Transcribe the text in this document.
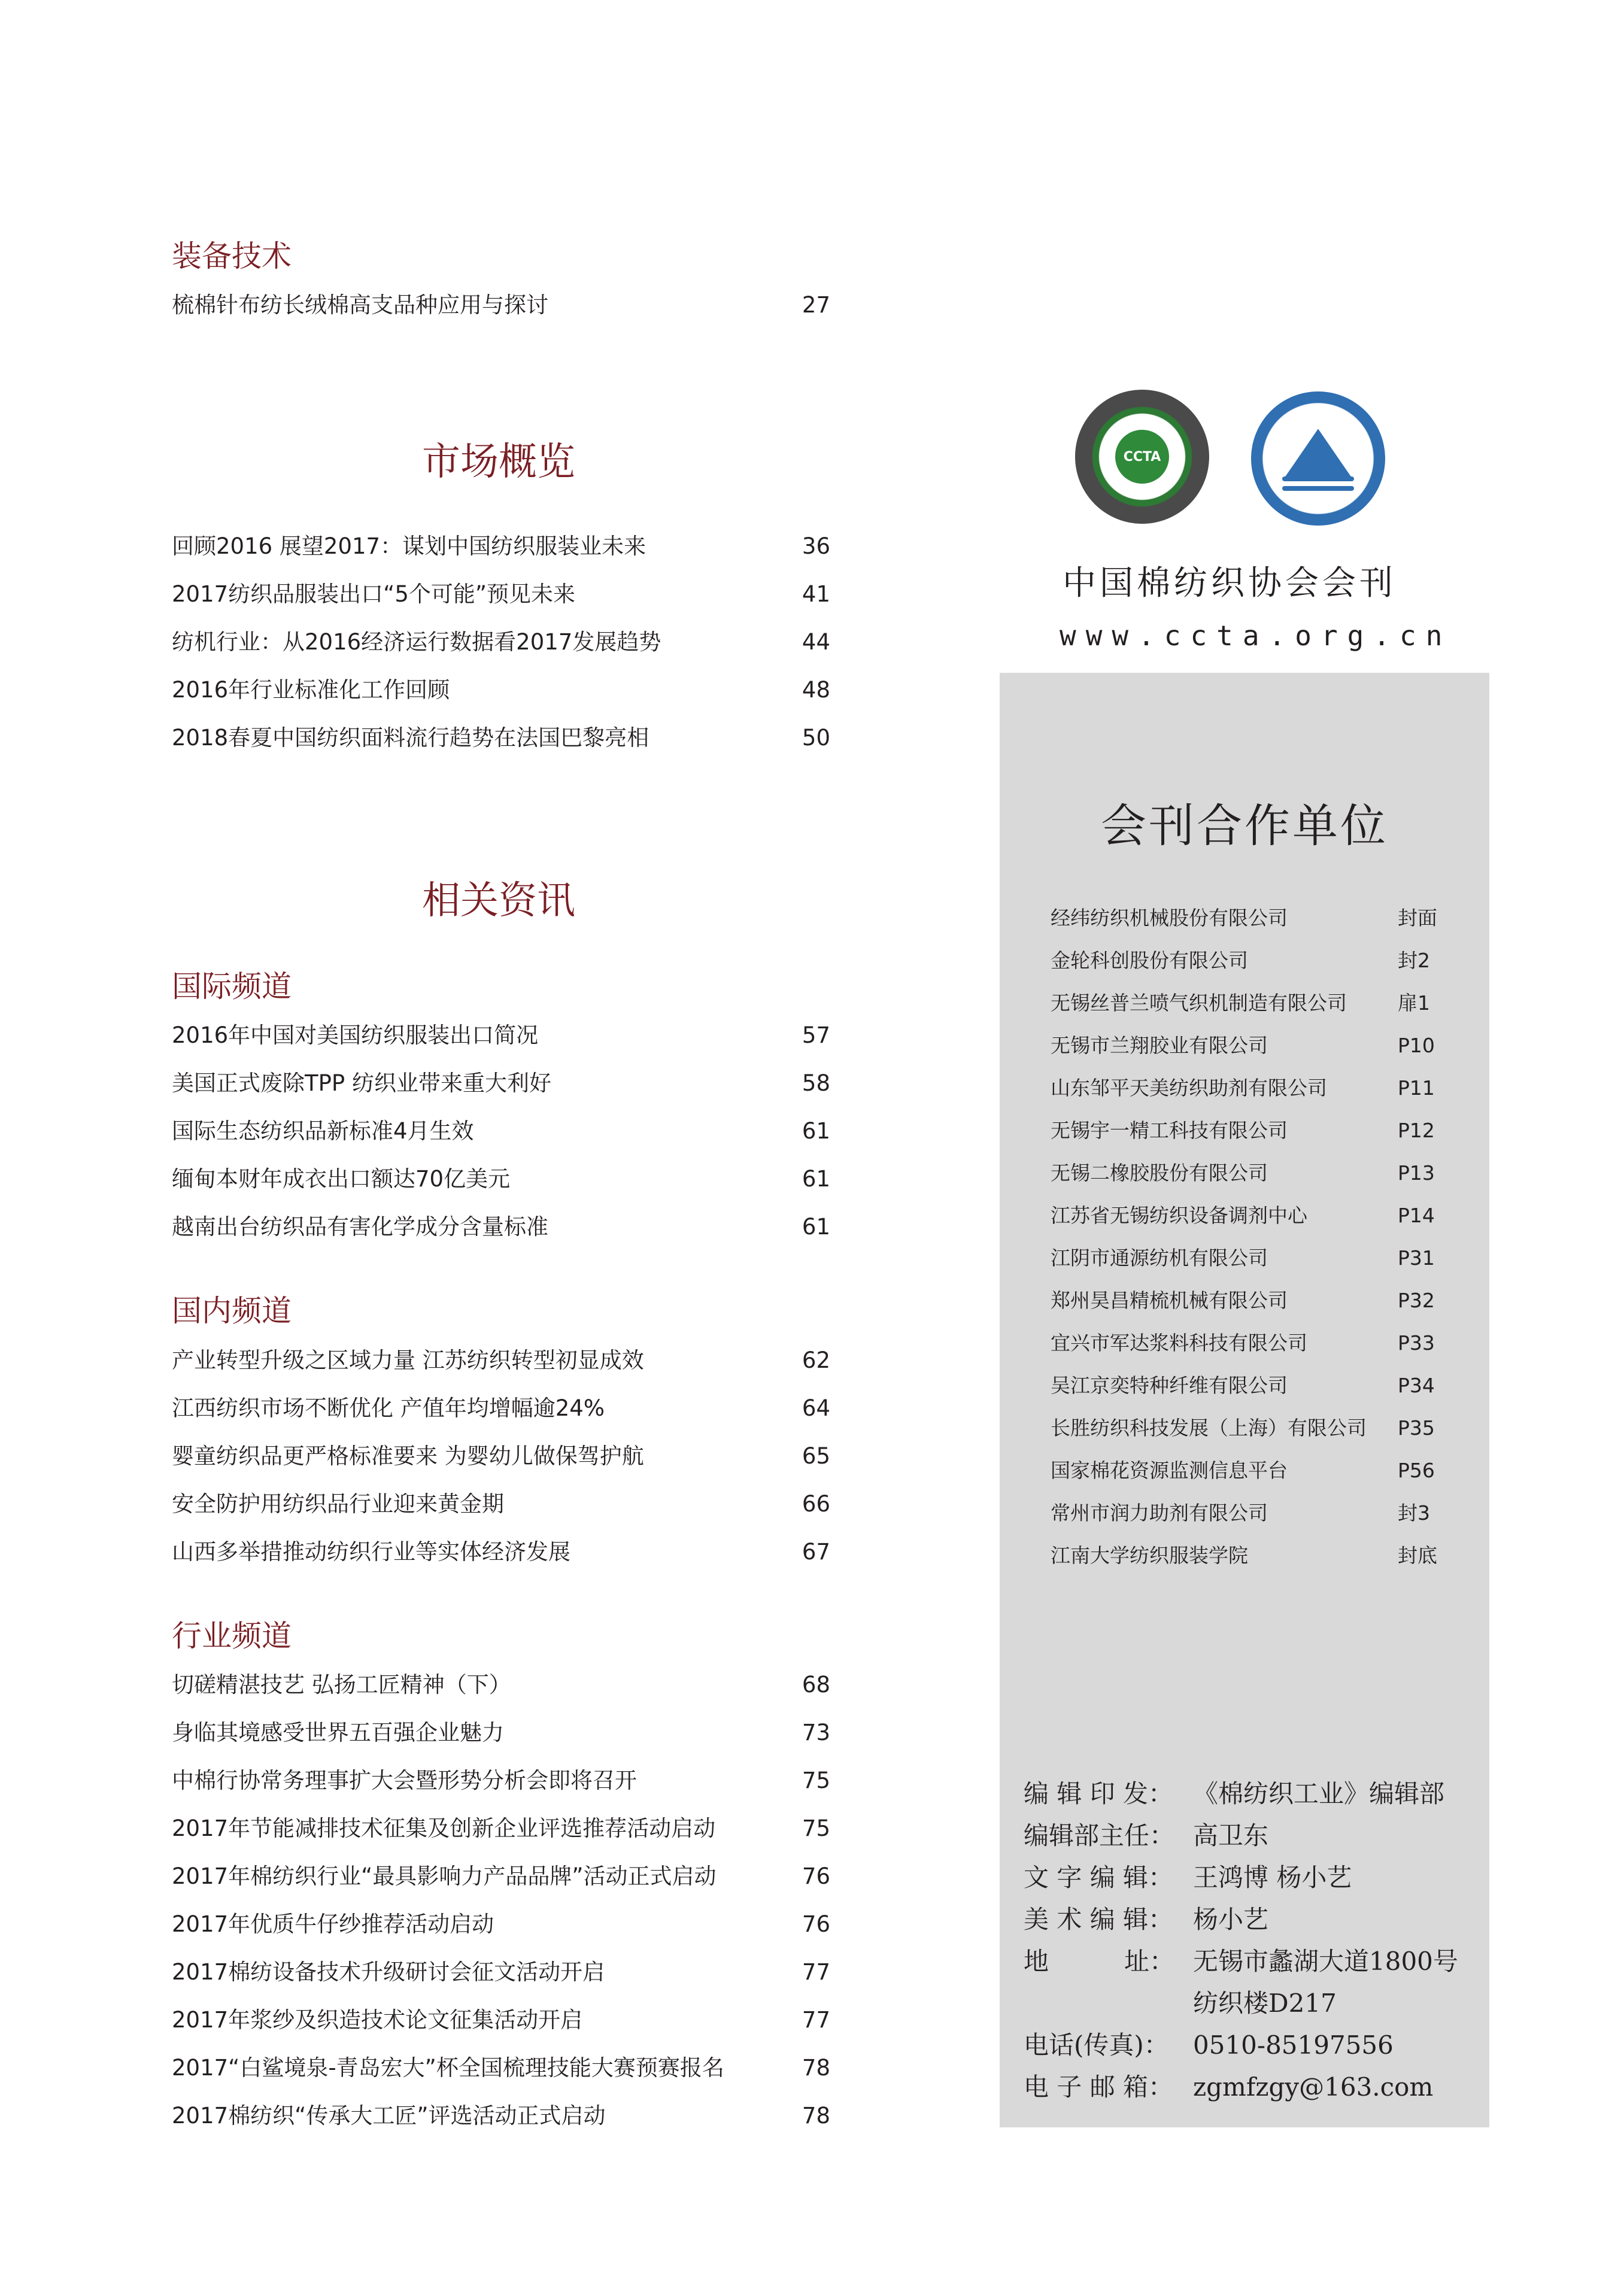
装备技术
梳棉针布纺长绒棉高支品种应用与探讨	27
市场概览
回顾2016 展望2017：谋划中国纺织服装业未来	36
2017纺织品服装出口“5个可能”预见未来	41
纺机行业：从2016经济运行数据看2017发展趋势	44
2016年行业标准化工作回顾	48
2018春夏中国纺织面料流行趋势在法国巴黎亮相	50
相关资讯
国际频道
2016年中国对美国纺织服装出口简况	57
美国正式废除TPP 纺织业带来重大利好	58
国际生态纺织品新标准4月生效	61
缅甸本财年成衣出口额达70亿美元	61
越南出台纺织品有害化学成分含量标准	61
国内频道
产业转型升级之区域力量 江苏纺织转型初显成效	62
江西纺织市场不断优化 产值年均增幅逾24%	64
婴童纺织品更严格标准要来 为婴幼儿做保驾护航	65
安全防护用纺织品行业迎来黄金期	66
山西多举措推动纺织行业等实体经济发展	67
行业频道
切磋精湛技艺 弘扬工匠精神（下）	68
身临其境感受世界五百强企业魅力	73
中棉行协常务理事扩大会暨形势分析会即将召开	75
2017年节能减排技术征集及创新企业评选推荐活动启动	75
2017年棉纺织行业“最具影响力产品品牌”活动正式启动	76
2017年优质牛仔纱推荐活动启动	76
2017棉纺设备技术升级研讨会征文活动开启	77
2017年浆纱及织造技术论文征集活动开启	77
2017“白鲨境泉-青岛宏大”杯全国梳理技能大赛预赛报名	78
2017棉纺织“传承大工匠”评选活动正式启动	78
CCTA
中国棉纺织协会会刊
www.ccta.org.cn
会刊合作单位
经纬纺织机械股份有限公司	封面
金轮科创股份有限公司	封2
无锡丝普兰喷气织机制造有限公司	扉1
无锡市兰翔胶业有限公司	P10
山东邹平天美纺织助剂有限公司	P11
无锡宇一精工科技有限公司	P12
无锡二橡胶股份有限公司	P13
江苏省无锡纺织设备调剂中心	P14
江阴市通源纺机有限公司	P31
郑州昊昌精梳机械有限公司	P32
宜兴市军达浆料科技有限公司	P33
吴江京奕特种纤维有限公司	P34
长胜纺织科技发展（上海）有限公司 P35
国家棉花资源监测信息平台	P56
常州市润力助剂有限公司	封3
江南大学纺织服装学院	封底
编 辑 印 发： 《棉纺织工业》编辑部
编辑部主任： 高卫东
文 字 编 辑： 王鸿博 杨小艺
美 术 编 辑： 杨小艺
地　　　址： 无锡市蠡湖大道1800号
纺织楼D217
电话(传真)： 0510-85197556
电 子 邮 箱： zgmfzgy@163.com
